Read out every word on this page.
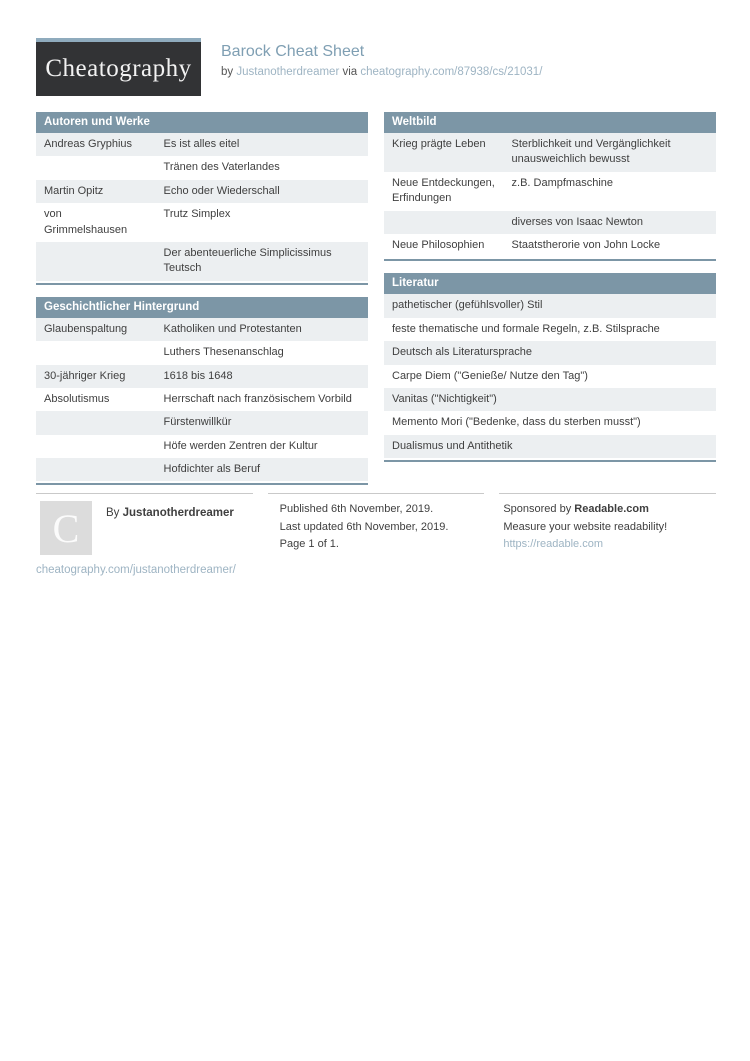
Cheatography
Barock Cheat Sheet
by Justanotherdreamer via cheatography.com/87938/cs/21031/
Autoren und Werke
Andreas Gryphius	Es ist alles eitel
	Tränen des Vaterlandes
Martin Opitz	Echo oder Wiederschall
von Grimmelshausen	Trutz Simplex
	Der abenteuerliche Simplicissimus Teutsch
Geschichtlicher Hintergrund
Glaubenspaltung	Katholiken und Protestanten
	Luthers Thesenanschlag
30-jähriger Krieg	1618 bis 1648
Absolutismus	Herrschaft nach französischem Vorbild
	Fürstenwillkür
	Höfe werden Zentren der Kultur
	Hofdichter als Beruf
Weltbild
Krieg prägte Leben	Sterblichkeit und Vergänglichkeit unausweichlich bewusst
Neue Entdeckungen, Erfindungen	z.B. Dampfmaschine
	diverses von Isaac Newton
Neue Philosophien	Staatstherorie von John Locke
Literatur
pathetischer (gefühlsvoller) Stil
feste thematische und formale Regeln, z.B. Stilsprache
Deutsch als Literatursprache
Carpe Diem ("Genieße/ Nutze den Tag")
Vanitas ("Nichtigkeit")
Memento Mori ("Bedenke, dass du sterben musst")
Dualismus und Antithetik
C By Justanotherdreamer
cheatography.com/justanotherdreamer/
Published 6th November, 2019.
Last updated 6th November, 2019.
Page 1 of 1.
Sponsored by Readable.com
Measure your website readability!
https://readable.com
